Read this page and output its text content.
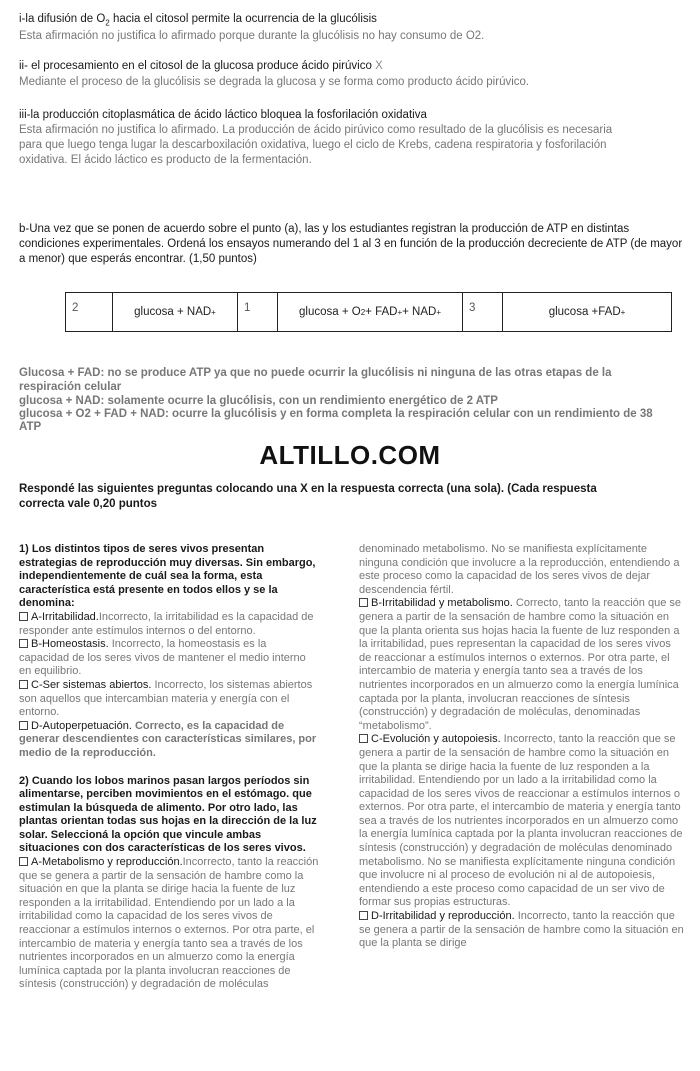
i-la difusión de $O_2$ hacia el citosol permite la ocurrencia de la glucólisis
Esta afirmación no justifica lo afirmado porque durante la glucólisis no hay consumo de O2.
ii- el procesamiento en el citosol de la glucosa produce ácido pirúvico X
Mediante el proceso de la glucólisis se degrada la glucosa y se forma como producto ácido pirúvico.
iii-la producción citoplasmática de ácido láctico bloquea la fosforilación oxidativa
Esta afirmación no justifica lo afirmado. La producción de ácido pirúvico como resultado de la glucólisis es necesaria
para que luego tenga lugar la descarboxilación oxidativa, luego el ciclo de Krebs, cadena respiratoria y fosforilación
oxidativa. El ácido láctico es producto de la fermentación.
b-Una vez que se ponen de acuerdo sobre el punto (a), las y los estudiantes registran la producción de ATP en distintas
condiciones experimentales. Ordená los ensayos numerando del 1 al 3 en función de la producción decreciente de ATP (de mayor
a menor) que esperás encontrar. (1,50 puntos)
2	glucosa + NAD +	1	glucosa + O 2 + FAD + + NAD +	3	glucosa +FAD +
Glucosa + FAD: no se produce ATP ya que no puede ocurrir la glucólisis ni ninguna de las otras etapas de la
respiración celular
glucosa + NAD: solamente ocurre la glucólisis, con un rendimiento energético de 2 ATP
glucosa + O2 + FAD + NAD: ocurre la glucólisis y en forma completa la respiración celular con un rendimiento de 38
ATP
ALTILLO.COM
Respondé las siguientes preguntas colocando una X en la respuesta correcta (una sola). (Cada respuesta
correcta vale 0,20 puntos
1) Los distintos tipos de seres vivos presentan estrategias de reproducción muy diversas. Sin embargo, independientemente de cuál sea la forma, esta característica está presente en todos ellos y se la denomina:
A-Irritabilidad.Incorrecto, la irritabilidad es la capacidad de responder ante estímulos internos o del entorno.
B-Homeostasis. Incorrecto, la homeostasis es la capacidad de los seres vivos de mantener el medio interno en equilibrio.
C-Ser sistemas abiertos. Incorrecto, los sistemas abiertos son aquellos que intercambian materia y energía con el entorno.
D-Autoperpetuación. Correcto, es la capacidad de generar descendientes con características similares, por medio de la reproducción.
2) Cuando los lobos marinos pasan largos períodos sin alimentarse, perciben movimientos en el estómago. que estimulan la búsqueda de alimento. Por otro lado, las plantas orientan todas sus hojas en la dirección de la luz solar. Seleccioná la opción que vincule ambas situaciones con dos características de los seres vivos.
A-Metabolismo y reproducción.Incorrecto, tanto la reacción que se genera a partir de la sensación de hambre como la situación en que la planta se dirige hacia la fuente de luz responden a la irritabilidad. Entendiendo por un lado a la irritabilidad como la capacidad de los seres vivos de reaccionar a estímulos internos o externos. Por otra parte, el intercambio de materia y energía tanto sea a través de los nutrientes incorporados en un almuerzo como la energía lumínica captada por la planta involucran reacciones de síntesis (construcción) y degradación de moléculas
denominado metabolismo. No se manifiesta explícitamente ninguna condición que involucre a la reproducción, entendiendo a este proceso como la capacidad de los seres vivos de dejar descendencia fértil.
B-Irritabilidad y metabolismo. Correcto, tanto la reacción que se genera a partir de la sensación de hambre como la situación en que la planta orienta sus hojas hacia la fuente de luz responden a la irritabilidad, pues representan la capacidad de los seres vivos de reaccionar a estímulos internos o externos. Por otra parte, el intercambio de materia y energía tanto sea a través de los nutrientes incorporados en un almuerzo como la energía lumínica captada por la planta, involucran reacciones de síntesis (construcción) y degradación de moléculas, denominadas “metabolismo”.
C-Evolución y autopoiesis. Incorrecto, tanto la reacción que se genera a partir de la sensación de hambre como la situación en que la planta se dirige hacia la fuente de luz responden a la irritabilidad. Entendiendo por un lado a la irritabilidad como la capacidad de los seres vivos de reaccionar a estímulos internos o externos. Por otra parte, el intercambio de materia y energía tanto sea a través de los nutrientes incorporados en un almuerzo como la energía lumínica captada por la planta involucran reacciones de síntesis (construcción) y degradación de moléculas denominado metabolismo. No se manifiesta explícitamente ninguna condición que involucre ni al proceso de evolución ni al de autopoiesis, entendiendo a este proceso como capacidad de un ser vivo de formar sus propias estructuras.
D-Irritabilidad y reproducción. Incorrecto, tanto la reacción que se genera a partir de la sensación de hambre como la situación en que la planta se dirige
